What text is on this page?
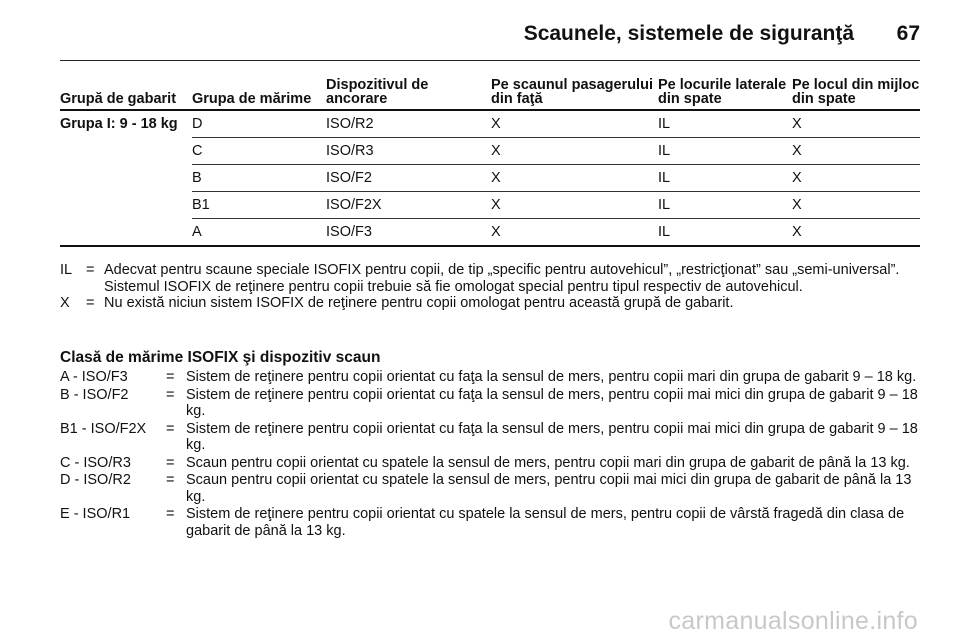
Scaunele, sistemele de siguranţă 67
Grupă de gabarit	Grupa de mărime	Dispozitivul de ancorare	Pe scaunul pasagerului din faţă	Pe locurile laterale din spate	Pe locul din mijloc din spate
Grupa I: 9 - 18 kg	D	ISO/R2	X	IL	X
	C	ISO/R3	X	IL	X
	B	ISO/F2	X	IL	X
	B1	ISO/F2X	X	IL	X
	A	ISO/F3	X	IL	X
IL = Adecvat pentru scaune speciale ISOFIX pentru copii, de tip „specific pentru autovehicul”, „restricţionat” sau „semi-universal”. Sistemul ISOFIX de reţinere pentru copii trebuie să fie omologat special pentru tipul respectiv de autovehicul.
X	= Nu există niciun sistem ISOFIX de reţinere pentru copii omologat pentru această grupă de gabarit.
Clasă de mărime ISOFIX şi dispozitiv scaun
A - ISO/F3	= Sistem de reţinere pentru copii orientat cu faţa la sensul de mers, pentru copii mari din grupa de gabarit 9 – 18 kg.
B - ISO/F2	= Sistem de reţinere pentru copii orientat cu faţa la sensul de mers, pentru copii mai mici din grupa de gabarit 9 – 18 kg.
B1 - ISO/F2X	= Sistem de reţinere pentru copii orientat cu faţa la sensul de mers, pentru copii mai mici din grupa de gabarit 9 – 18 kg.
C - ISO/R3	= Scaun pentru copii orientat cu spatele la sensul de mers, pentru copii mari din grupa de gabarit de până la 13 kg.
D - ISO/R2	= Scaun pentru copii orientat cu spatele la sensul de mers, pentru copii mai mici din grupa de gabarit de până la 13 kg.
E - ISO/R1	= Sistem de reţinere pentru copii orientat cu spatele la sensul de mers, pentru copii de vârstă fragedă din clasa de gabarit de până la 13 kg.
carmanualsonline.info
